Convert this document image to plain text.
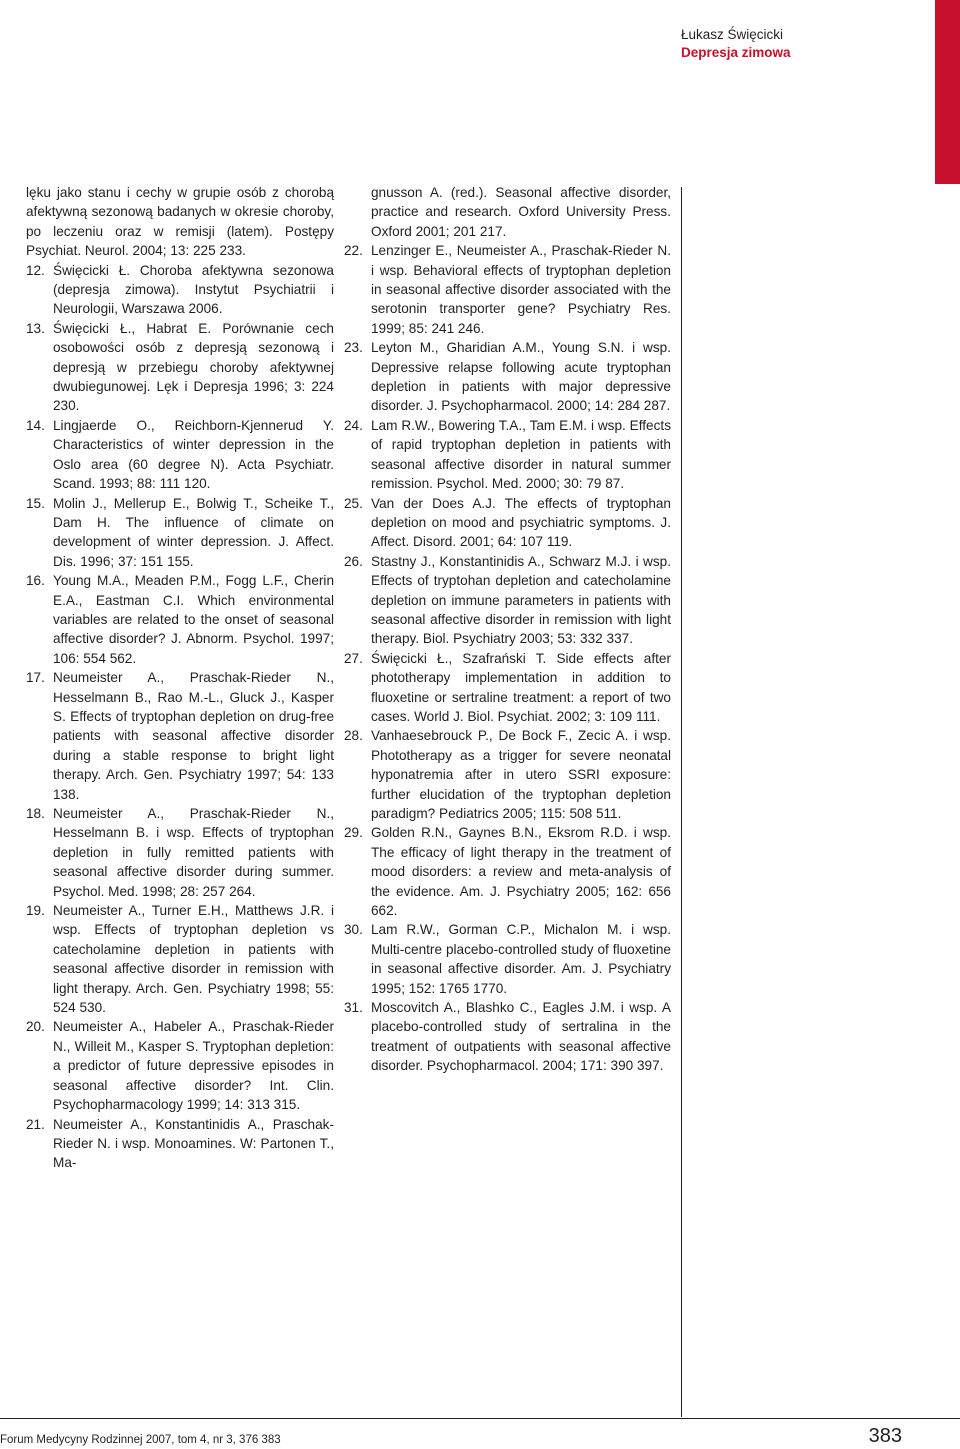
Łukasz Święcicki
Depresja zimowa
lęku jako stanu i cechy w grupie osób z chorobą afektywną sezonową badanych w okresie choroby, po leczeniu oraz w remisji (latem). Postępy Psychiat. Neurol. 2004; 13: 225 233.
12. Święcicki Ł. Choroba afektywna sezonowa (depresja zimowa). Instytut Psychiatrii i Neurologii, Warszawa 2006.
13. Święcicki Ł., Habrat E. Porównanie cech osobowości osób z depresją sezonową i depresją w przebiegu choroby afektywnej dwubiegunowej. Lęk i Depresja 1996; 3: 224 230.
14. Lingjaerde O., Reichborn-Kjennerud Y. Characteristics of winter depression in the Oslo area (60 degree N). Acta Psychiatr. Scand. 1993; 88: 111 120.
15. Molin J., Mellerup E., Bolwig T., Scheike T., Dam H. The influence of climate on development of winter depression. J. Affect. Dis. 1996; 37: 151 155.
16. Young M.A., Meaden P.M., Fogg L.F., Cherin E.A., Eastman C.I. Which environmental variables are related to the onset of seasonal affective disorder? J. Abnorm. Psychol. 1997; 106: 554 562.
17. Neumeister A., Praschak-Rieder N., Hesselmann B., Rao M.-L., Gluck J., Kasper S. Effects of tryptophan depletion on drug-free patients with seasonal affective disorder during a stable response to bright light therapy. Arch. Gen. Psychiatry 1997; 54: 133 138.
18. Neumeister A., Praschak-Rieder N., Hesselmann B. i wsp. Effects of tryptophan depletion in fully remitted patients with seasonal affective disorder during summer. Psychol. Med. 1998; 28: 257 264.
19. Neumeister A., Turner E.H., Matthews J.R. i wsp. Effects of tryptophan depletion vs catecholamine depletion in patients with seasonal affective disorder in remission with light therapy. Arch. Gen. Psychiatry 1998; 55: 524 530.
20. Neumeister A., Habeler A., Praschak-Rieder N., Willeit M., Kasper S. Tryptophan depletion: a predictor of future depressive episodes in seasonal affective disorder? Int. Clin. Psychopharmacology 1999; 14: 313 315.
21. Neumeister A., Konstantinidis A., Praschak-Rieder N. i wsp. Monoamines. W: Partonen T., Ma-
gnusson A. (red.). Seasonal affective disorder, practice and research. Oxford University Press. Oxford 2001; 201 217.
22. Lenzinger E., Neumeister A., Praschak-Rieder N. i wsp. Behavioral effects of tryptophan depletion in seasonal affective disorder associated with the serotonin transporter gene? Psychiatry Res. 1999; 85: 241 246.
23. Leyton M., Gharidian A.M., Young S.N. i wsp. Depressive relapse following acute tryptophan depletion in patients with major depressive disorder. J. Psychopharmacol. 2000; 14: 284 287.
24. Lam R.W., Bowering T.A., Tam E.M. i wsp. Effects of rapid tryptophan depletion in patients with seasonal affective disorder in natural summer remission. Psychol. Med. 2000; 30: 79 87.
25. Van der Does A.J. The effects of tryptophan depletion on mood and psychiatric symptoms. J. Affect. Disord. 2001; 64: 107 119.
26. Stastny J., Konstantinidis A., Schwarz M.J. i wsp. Effects of tryptohan depletion and catecholamine depletion on immune parameters in patients with seasonal affective disorder in remission with light therapy. Biol. Psychiatry 2003; 53: 332 337.
27. Święcicki Ł., Szafrański T. Side effects after phototherapy implementation in addition to fluoxetine or sertraline treatment: a report of two cases. World J. Biol. Psychiat. 2002; 3: 109 111.
28. Vanhaesebrouck P., De Bock F., Zecic A. i wsp. Phototherapy as a trigger for severe neonatal hyponatremia after in utero SSRI exposure: further elucidation of the tryptophan depletion paradigm? Pediatrics 2005; 115: 508 511.
29. Golden R.N., Gaynes B.N., Eksrom R.D. i wsp. The efficacy of light therapy in the treatment of mood disorders: a review and meta-analysis of the evidence. Am. J. Psychiatry 2005; 162: 656 662.
30. Lam R.W., Gorman C.P., Michalon M. i wsp. Multi-centre placebo-controlled study of fluoxetine in seasonal affective disorder. Am. J. Psychiatry 1995; 152: 1765 1770.
31. Moscovitch A., Blashko C., Eagles J.M. i wsp. A placebo-controlled study of sertralina in the treatment of outpatients with seasonal affective disorder. Psychopharmacol. 2004; 171: 390 397.
Forum Medycyny Rodzinnej 2007, tom 4, nr 3, 376 383	383
